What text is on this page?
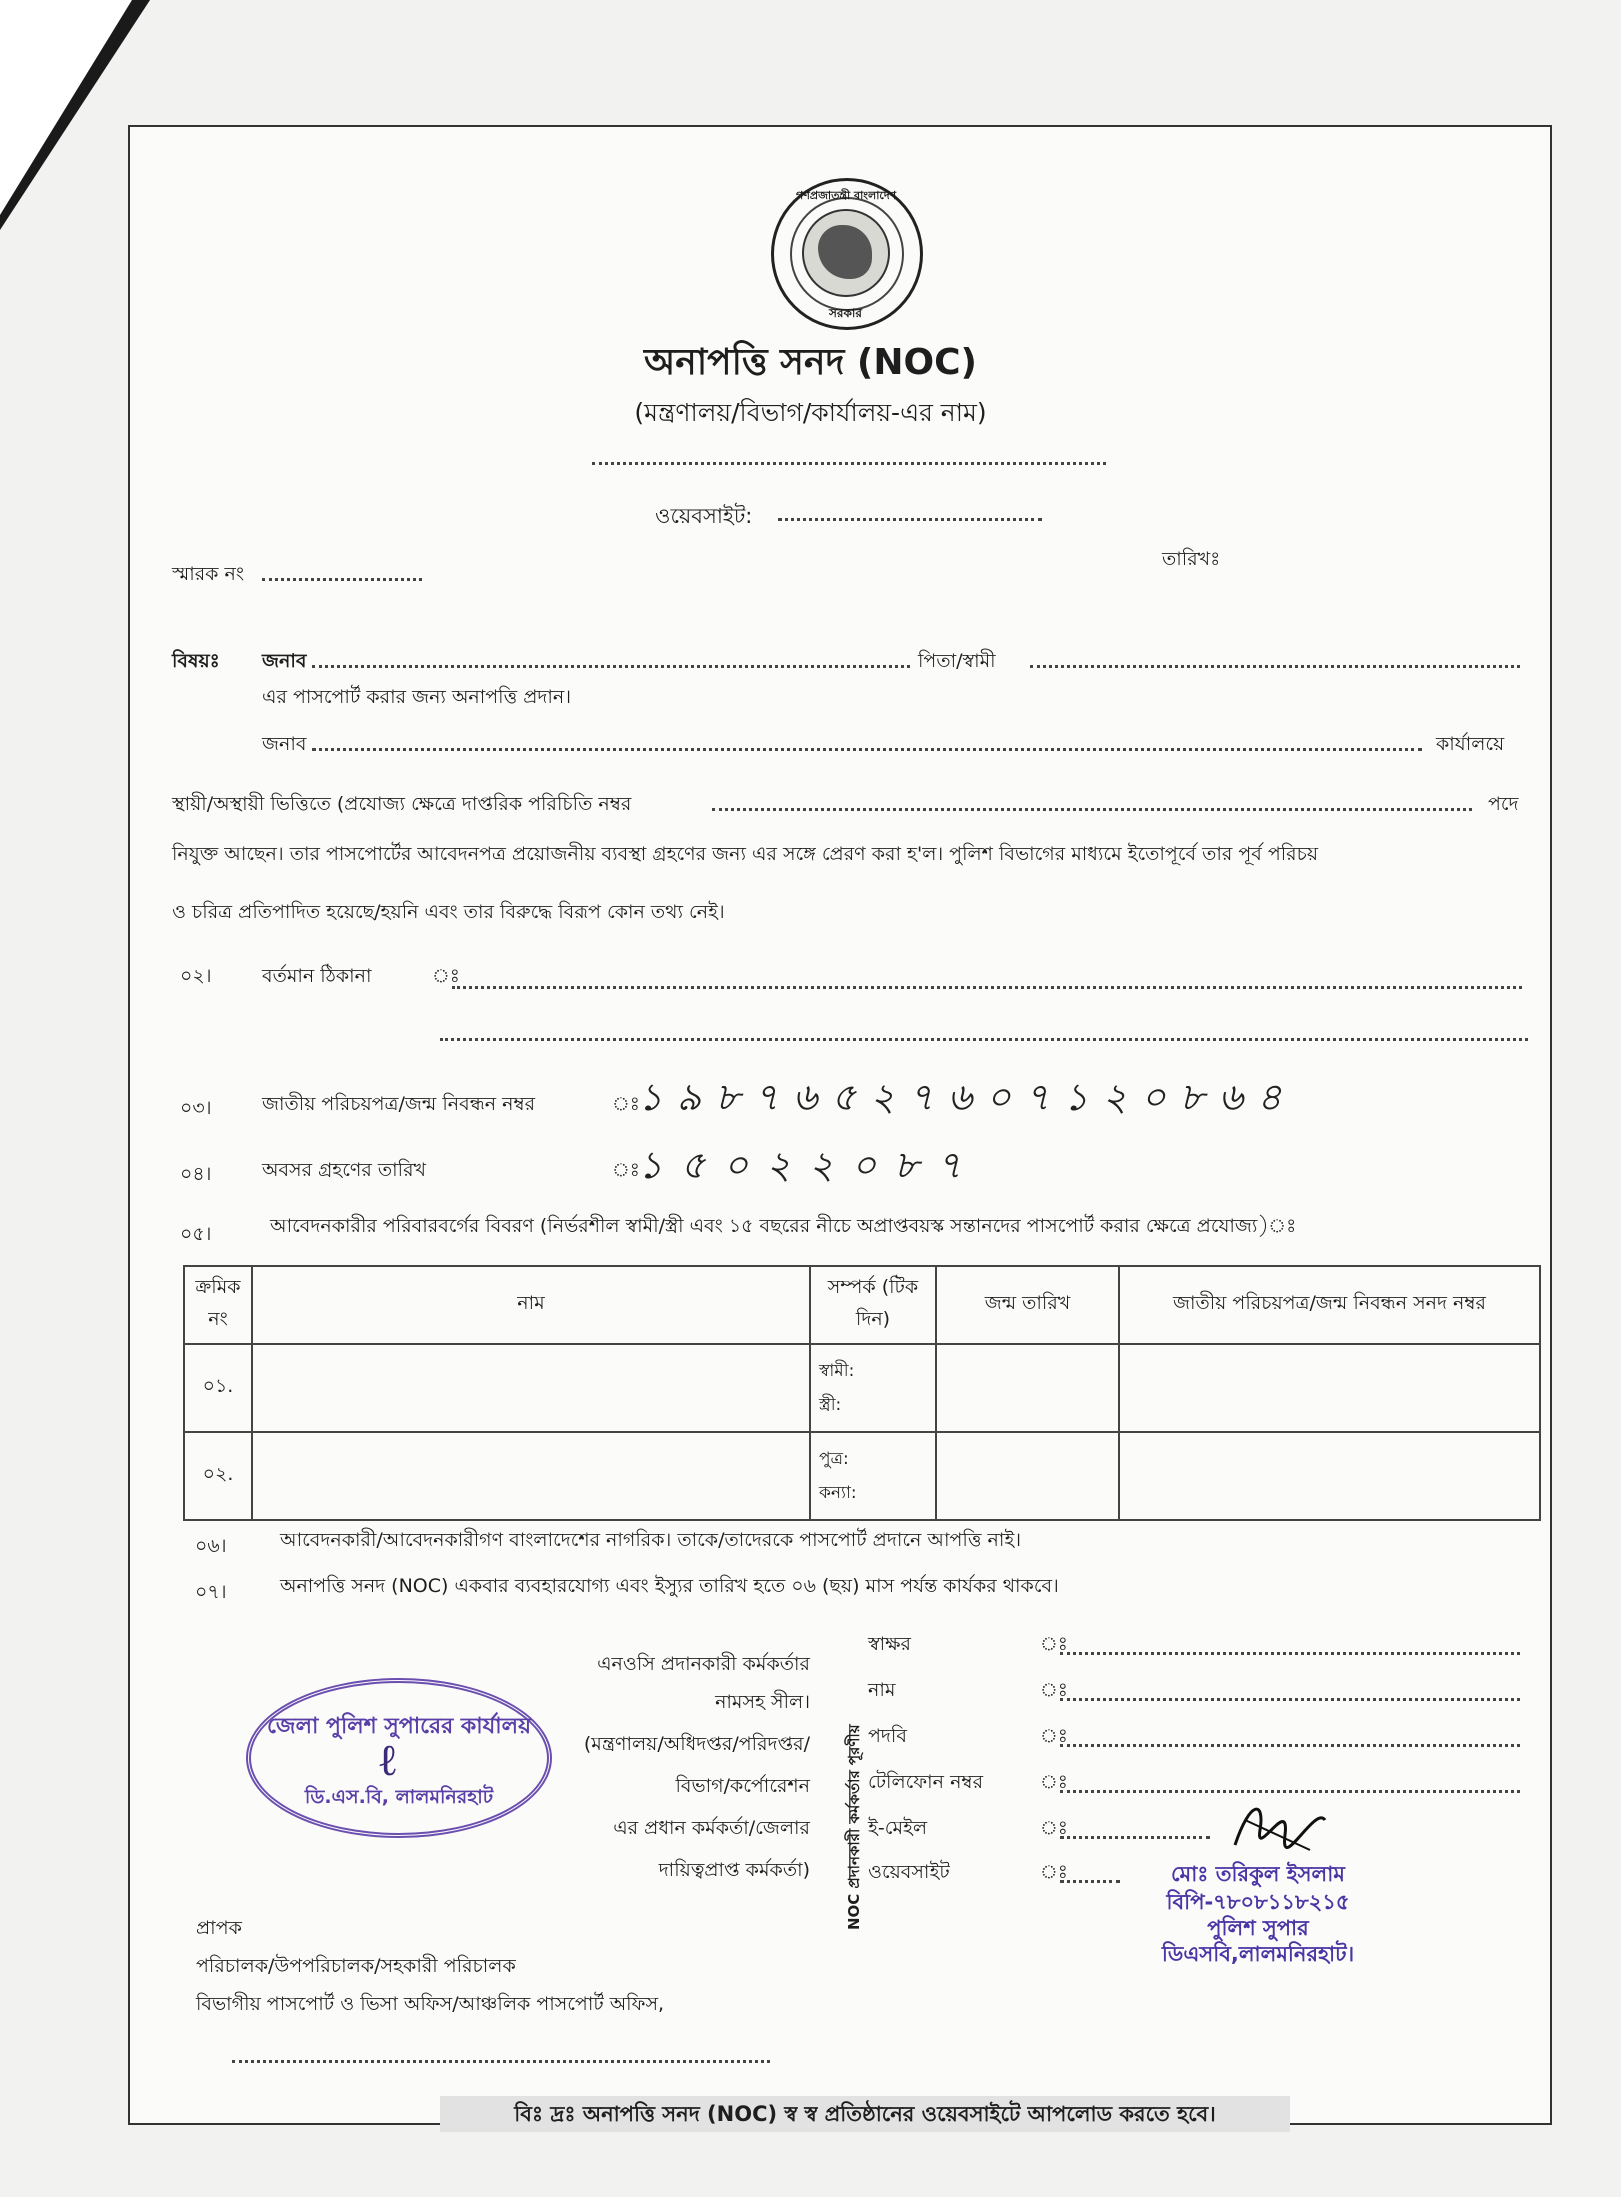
গণপ্রজাতন্ত্রী বাংলাদেশ
সরকার
অনাপত্তি সনদ (NOC)
(মন্ত্রণালয়/বিভাগ/কার্যালয়-এর নাম)
ওয়েবসাইট:
স্মারক নং
তারিখঃ
বিষয়ঃ জনাব	পিতা/স্বামী
এর পাসপোর্ট করার জন্য অনাপত্তি প্রদান।
জনাব	কার্যালয়ে
স্থায়ী/অস্থায়ী ভিত্তিতে (প্রযোজ্য ক্ষেত্রে দাপ্তরিক পরিচিতি নম্বর	পদে
নিযুক্ত আছেন। তার পাসপোর্টের আবেদনপত্র প্রয়োজনীয় ব্যবস্থা গ্রহণের জন্য এর সঙ্গে প্রেরণ করা হ'ল। পুলিশ বিভাগের মাধ্যমে ইতোপূর্বে তার পূর্ব পরিচয়
ও চরিত্র প্রতিপাদিত হয়েছে/হয়নি এবং তার বিরুদ্ধে বিরূপ কোন তথ্য নেই।
০২।	বর্তমান ঠিকানা	ঃ
০৩।	জাতীয় পরিচয়পত্র/জন্ম নিবন্ধন নম্বর	ঃ
১৯৮৭৬৫২৭৬০৭১২০৮৬৪
০৪।	অবসর গ্রহণের তারিখ	ঃ
১৫০২২০৮৭
০৫।	আবেদনকারীর পরিবারবর্গের বিবরণ (নির্ভরশীল স্বামী/স্ত্রী এবং ১৫ বছরের নীচে অপ্রাপ্তবয়স্ক সন্তানদের পাসপোর্ট করার ক্ষেত্রে প্রযোজ্য)ঃ
ক্রমিক নং	নাম	সম্পর্ক (টিক দিন)	জন্ম তারিখ	জাতীয় পরিচয়পত্র/জন্ম নিবন্ধন সনদ নম্বর
০১.		স্বামী:
স্ত্রী:		

০২.		পুত্র:
কন্যা:		

০৬।	আবেদনকারী/আবেদনকারীগণ বাংলাদেশের নাগরিক। তাকে/তাদেরকে পাসপোর্ট প্রদানে আপত্তি নাই।
০৭।	অনাপত্তি সনদ (NOC) একবার ব্যবহারযোগ্য এবং ইস্যুর তারিখ হতে ০৬ (ছয়) মাস পর্যন্ত কার্যকর থাকবে।
এনওসি প্রদানকারী কর্মকর্তার
নামসহ সীল।
(মন্ত্রণালয়/অধিদপ্তর/পরিদপ্তর/
বিভাগ/কর্পোরেশন
এর প্রধান কর্মকর্তা/জেলার
দায়িত্বপ্রাপ্ত কর্মকর্তা) NOC প্রদানকারী কর্মকর্তার পূরণীয়
স্বাক্ষর	ঃ
নাম	ঃ
পদবি	ঃ
টেলিফোন নম্বর	ঃ
ই-মেইল	ঃ
ওয়েবসাইট	ঃ
জেলা পুলিশ সুপারের কার্যালয়
ℓ
ডি.এস.বি, লালমনিরহাট
মোঃ তরিকুল ইসলাম
বিপি-৭৮০৮১১৮২১৫
পুলিশ সুপার
ডিএসবি,লালমনিরহাট।
প্রাপক
পরিচালক/উপপরিচালক/সহকারী পরিচালক
বিভাগীয় পাসপোর্ট ও ভিসা অফিস/আঞ্চলিক পাসপোর্ট অফিস,
বিঃ দ্রঃ অনাপত্তি সনদ (NOC) স্ব স্ব প্রতিষ্ঠানের ওয়েবসাইটে আপলোড করতে হবে।
